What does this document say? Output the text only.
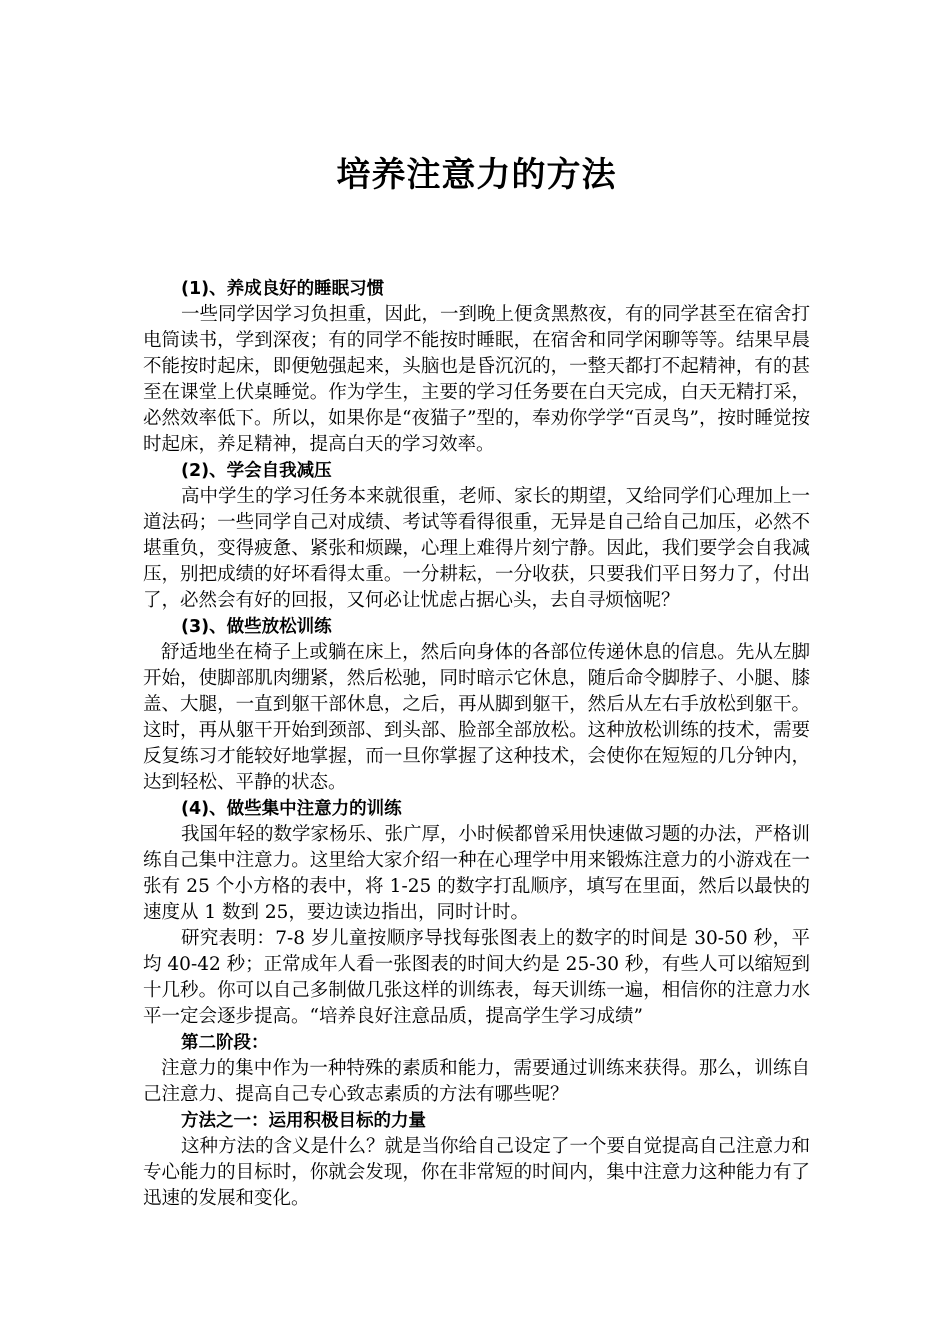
培养注意力的方法

(1)、养成良好的睡眠习惯

一些同学因学习负担重，因此，一到晚上便贪黑熬夜，有的同学甚至在宿舍打电筒读书，学到深夜；有的同学不能按时睡眠，在宿舍和同学闲聊等等。结果早晨不能按时起床，即便勉强起来，头脑也是昏沉沉的，一整天都打不起精神，有的甚至在课堂上伏桌睡觉。作为学生，主要的学习任务要在白天完成，白天无精打采，必然效率低下。所以，如果你是“夜猫子”型的，奉劝你学学“百灵鸟”，按时睡觉按时起床，养足精神，提高白天的学习效率。

(2)、学会自我减压

高中学生的学习任务本来就很重，老师、家长的期望，又给同学们心理加上一道法码；一些同学自己对成绩、考试等看得很重，无异是自己给自己加压，必然不堪重负，变得疲惫、紧张和烦躁，心理上难得片刻宁静。因此，我们要学会自我减压，别把成绩的好坏看得太重。一分耕耘，一分收获，只要我们平日努力了，付出了，必然会有好的回报，又何必让忧虑占据心头，去自寻烦恼呢？

(3)、做些放松训练

舒适地坐在椅子上或躺在床上，然后向身体的各部位传递休息的信息。先从左脚开始，使脚部肌肉绷紧，然后松驰，同时暗示它休息，随后命令脚脖子、小腿、膝盖、大腿，一直到躯干部休息，之后，再从脚到躯干，然后从左右手放松到躯干。这时，再从躯干开始到颈部、到头部、脸部全部放松。这种放松训练的技术，需要反复练习才能较好地掌握，而一旦你掌握了这种技术，会使你在短短的几分钟内，达到轻松、平静的状态。

(4)、做些集中注意力的训练

我国年轻的数学家杨乐、张广厚，小时候都曾采用快速做习题的办法，严格训练自己集中注意力。这里给大家介绍一种在心理学中用来锻炼注意力的小游戏在一张有 25 个小方格的表中，将 1-25 的数字打乱顺序，填写在里面，然后以最快的速度从 1 数到 25，要边读边指出，同时计时。

研究表明：7-8 岁儿童按顺序导找每张图表上的数字的时间是 30-50 秒，平均 40-42 秒；正常成年人看一张图表的时间大约是 25-30 秒，有些人可以缩短到十几秒。你可以自己多制做几张这样的训练表，每天训练一遍，相信你的注意力水平一定会逐步提高。“培养良好注意品质，提高学生学习成绩”

第二阶段：

注意力的集中作为一种特殊的素质和能力，需要通过训练来获得。那么，训练自己注意力、提高自己专心致志素质的方法有哪些呢？

方法之一：运用积极目标的力量

这种方法的含义是什么？就是当你给自己设定了一个要自觉提高自己注意力和专心能力的目标时，你就会发现，你在非常短的时间内，集中注意力这种能力有了迅速的发展和变化。
